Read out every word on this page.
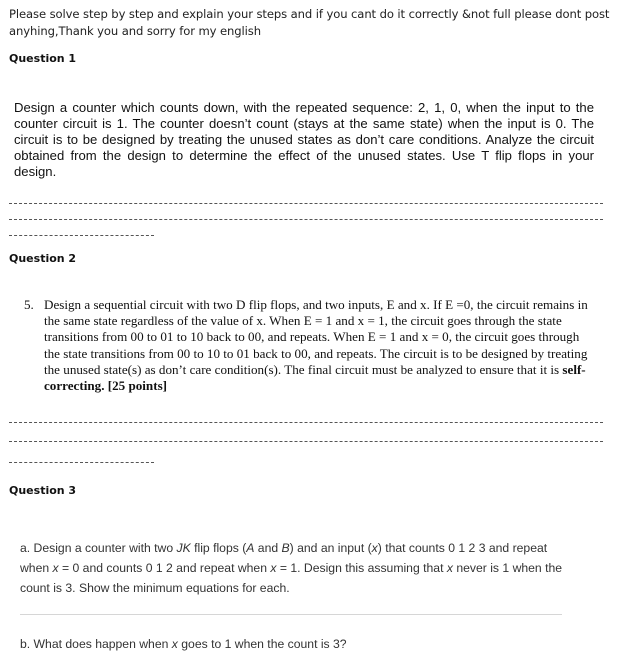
Please solve step by step and explain your steps and if you cant do it correctly &not full please dont post
anyhing,Thank you and sorry for my english
Question 1
Design a counter which counts down, with the repeated sequence: 2, 1, 0, when the input to the counter circuit is 1. The counter doesn’t count (stays at the same state) when the input is 0. The circuit is to be designed by treating the unused states as don’t care conditions. Analyze the circuit obtained from the design to determine the effect of the unused states. Use T flip flops in your design.
Question 2
5. Design a sequential circuit with two D flip flops, and two inputs, E and x. If E =0, the circuit remains in the same state regardless of the value of x. When E = 1 and x = 1, the circuit goes through the state transitions from 00 to 01 to 10 back to 00, and repeats. When E = 1 and x = 0, the circuit goes through the state transitions from 00 to 10 to 01 back to 00, and repeats. The circuit is to be designed by treating the unused state(s) as don’t care condition(s). The final circuit must be analyzed to ensure that it is self-correcting. [25 points]
Question 3
a. Design a counter with two JK flip flops (A and B) and an input (x) that counts 0 1 2 3 and repeat when x = 0 and counts 0 1 2 and repeat when x = 1. Design this assuming that x never is 1 when the count is 3. Show the minimum equations for each.
b. What does happen when x goes to 1 when the count is 3?
